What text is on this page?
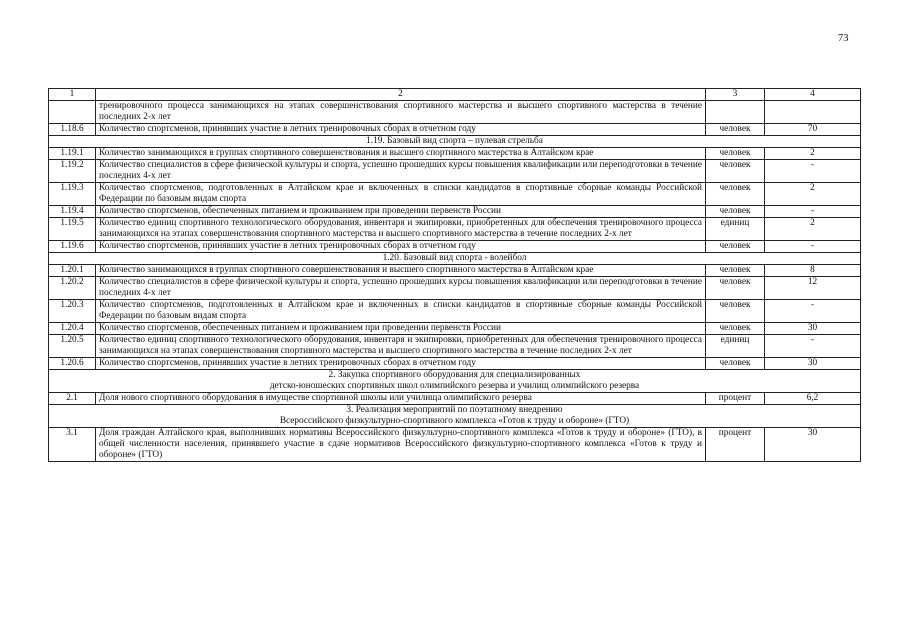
73
1	2	3	4
	тренировочного процесса занимающихся на этапах совершенствования спортивного мастерства и высшего спортивного мастерства в течение последних 2-х лет		
1.18.6	Количество спортсменов, принявших участие в летних тренировочных сборах в отчетном году	человек	70

1.19. Базовый вид спорта – пулевая стрельба			

1.19.1	Количество занимающихся в группах спортивного совершенствования и высшего спортивного мастерства в Алтайском крае	человек	2
1.19.2	Количество специалистов в сфере физической культуры и спорта, успешно прошедших курсы повышения квалификации или переподготовки в течение последних 4-х лет	человек	-
1.19.3	Количество спортсменов, подготовленных в Алтайском крае и включенных в списки кандидатов в спортивные сборные команды Российской Федерации по базовым видам спорта	человек	2
1.19.4	Количество спортсменов, обеспеченных питанием и проживанием при проведении первенств России	человек	-
1.19.5	Количество единиц спортивного технологического оборудования, инвентаря и экипировки, приобретенных для обеспечения тренировочного процесса занимающихся на этапах совершенствования спортивного мастерства и высшего спортивного мастерства в течение последних 2-х лет	единиц	2
1.19.6	Количество спортсменов, принявших участие в летних тренировочных сборах в отчетном году	человек	-

1.20. Базовый вид спорта - волейбол			

1.20.1	Количество занимающихся в группах спортивного совершенствования и высшего спортивного мастерства в Алтайском крае	человек	8
1.20.2	Количество специалистов в сфере физической культуры и спорта, успешно прошедших курсы повышения квалификации или переподготовки в течение последних 4-х лет	человек	12
1.20.3	Количество спортсменов, подготовленных в Алтайском крае и включенных в списки кандидатов в спортивные сборные команды Российской Федерации по базовым видам спорта	человек	-
1.20.4	Количество спортсменов, обеспеченных питанием и проживанием при проведении первенств России	человек	30
1.20.5	Количество единиц спортивного технологического оборудования, инвентаря и экипировки, приобретенных для обеспечения тренировочного процесса занимающихся на этапах совершенствования спортивного мастерства и высшего спортивного мастерства в течение последних 2-х лет	единиц	-
1.20.6	Количество спортсменов, принявших участие в летних тренировочных сборах в отчетном году	человек	30

2. Закупка спортивного оборудования для специализированных
детско-юношеских спортивных школ олимпийского резерва и училищ олимпийского резерва			

2.1	Доля нового спортивного оборудования в имуществе спортивной школы или училища олимпийского резерва	процент	6,2

3. Реализация мероприятий по поэтапному внедрению
Всероссийского физкультурно-спортивного комплекса «Готов к труду и обороне» (ГТО)			

3.1	Доля граждан Алтайского края, выполнивших нормативы Всероссийского физкультурно-спортивного комплекса «Готов к труду и обороне» (ГТО), в общей численности населения, принявшего участие в сдаче нормативов Всероссийского физкультурно-спортивного комплекса «Готов к труду и обороне» (ГТО)	процент	30
